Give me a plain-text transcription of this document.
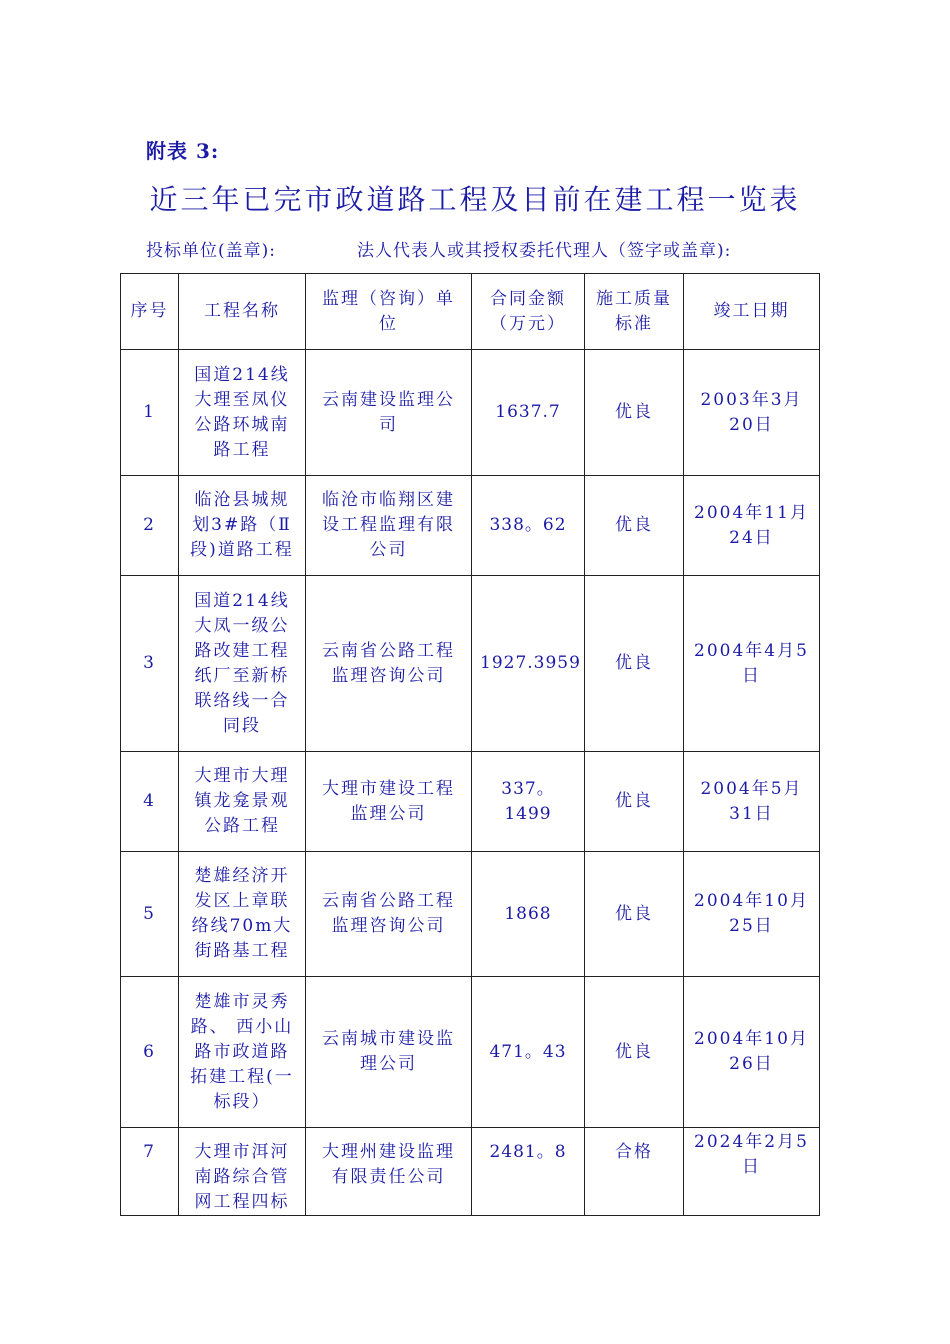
附表 3:
近三年已完市政道路工程及目前在建工程一览表
投标单位(盖章):	法人代表人或其授权委托代理人（签字或盖章):
序号	工程名称	监理（咨询）单位	合同金额（万元）	施工质量标准	竣工日期
1	国道214线大理至凤仪公路环城南路工程	云南建设监理公司	1637.7	优良	2003年3月20日
2	临沧县城规划3#路（Ⅱ段)道路工程	临沧市临翔区建设工程监理有限公司	338。62	优良	2004年11月24日
3	国道214线大凤一级公路改建工程纸厂至新桥联络线一合同段	云南省公路工程监理咨询公司	1927.3959	优良	2004年4月5日
4	大理市大理镇龙龛景观公路工程	大理市建设工程监理公司	337。1499	优良	2004年5月31日
5	楚雄经济开发区上章联络线70m大街路基工程	云南省公路工程监理咨询公司	1868	优良	2004年10月25日
6	楚雄市灵秀路、 西小山路市政道路拓建工程(一标段）	云南城市建设监理公司	471。43	优良	2004年10月26日
7	大理市洱河南路综合管网工程四标	大理州建设监理有限责任公司	2481。8	合格	2024年2月5日
